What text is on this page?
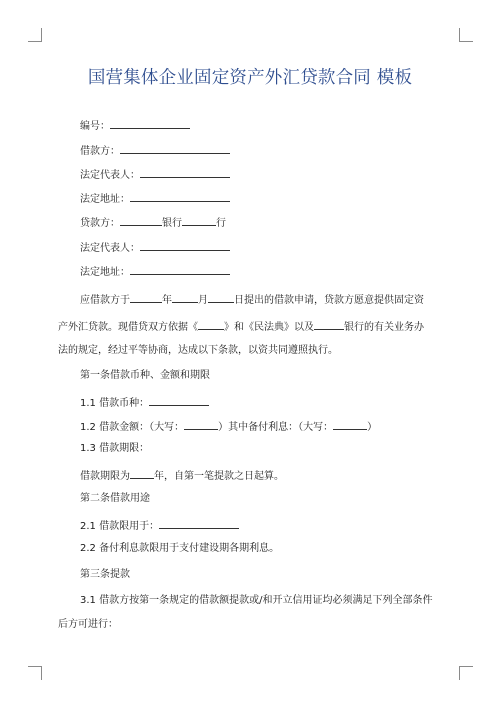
国营集体企业固定资产外汇贷款合同 模板
编号：
借款方：
法定代表人：
法定地址：
贷款方：	银行	行
法定代表人：
法定地址：
应借款方于	年	月	日提出的借款申请，贷款方愿意提供固定资
产外汇贷款。现借贷双方依据《	》和《民法典》以及	银行的有关业务办
法的规定，经过平等协商，达成以下条款，以资共同遵照执行。
第一条借款币种、金额和期限
1.1 借款币种：
1.2 借款金额：（大写：	）其中备付利息：（大写：	）
1.3 借款期限：
借款期限为 年，自第一笔提款之日起算。
第二条借款用途
2.1 借款限用于：
2.2 备付利息款限用于支付建设期各期利息。
第三条提款
3.1 借款方按第一条规定的借款额提款或/和开立信用证均必须满足下列全部条件
后方可进行：
